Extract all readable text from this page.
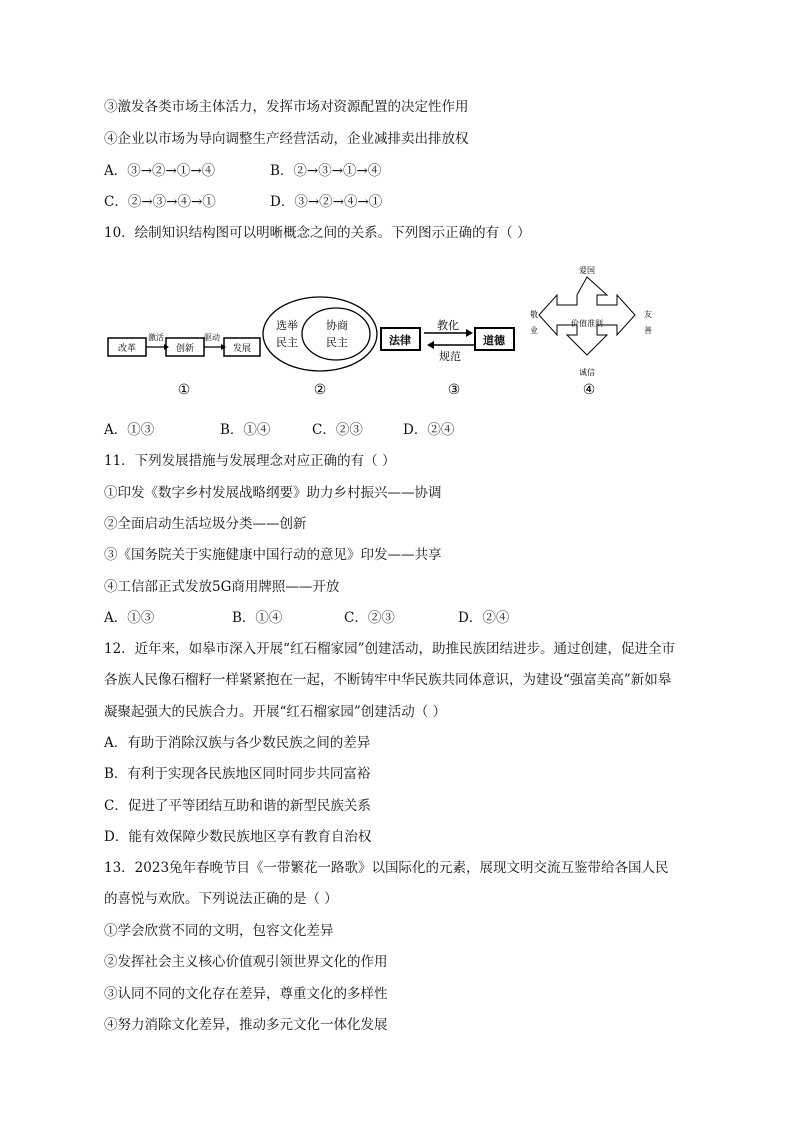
③激发各类市场主体活力，发挥市场对资源配置的决定性作用
④企业以市场为导向调整生产经营活动，企业减排卖出排放权
A．③→②→①→④	B．②→③→①→④
C．②→③→④→①	D．③→②→④→①
10．绘制知识结构图可以明晰概念之间的关系。下列图示正确的有（ ）
改革
激活
创新
驱动
发展
①
选举
民主
协商
民主
②
法律
教化
规范
道德
③
爱国
价值准则
敬
业
友
善
诚信
④
A．①③	B．①④	C．②③	D．②④
11．下列发展措施与发展理念对应正确的有（ ）
①印发《数字乡村发展战略纲要》助力乡村振兴——协调
②全面启动生活垃圾分类——创新
③《国务院关于实施健康中国行动的意见》印发——共享
④工信部正式发放5G商用牌照——开放
A．①③	B．①④	C．②③	D．②④
12．近年来，如皋市深入开展“红石榴家园”创建活动，助推民族团结进步。通过创建，促进全市
各族人民像石榴籽一样紧紧抱在一起，不断铸牢中华民族共同体意识，为建设“强富美高”新如皋
凝聚起强大的民族合力。开展“红石榴家园”创建活动（ ）
A．有助于消除汉族与各少数民族之间的差异
B．有利于实现各民族地区同时同步共同富裕
C．促进了平等团结互助和谐的新型民族关系
D．能有效保障少数民族地区享有教育自治权
13．2023兔年春晚节目《一带繁花一路歌》以国际化的元素，展现文明交流互鉴带给各国人民
的喜悦与欢欣。下列说法正确的是（ ）
①学会欣赏不同的文明，包容文化差异
②发挥社会主义核心价值观引领世界文化的作用
③认同不同的文化存在差异，尊重文化的多样性
④努力消除文化差异，推动多元文化一体化发展
